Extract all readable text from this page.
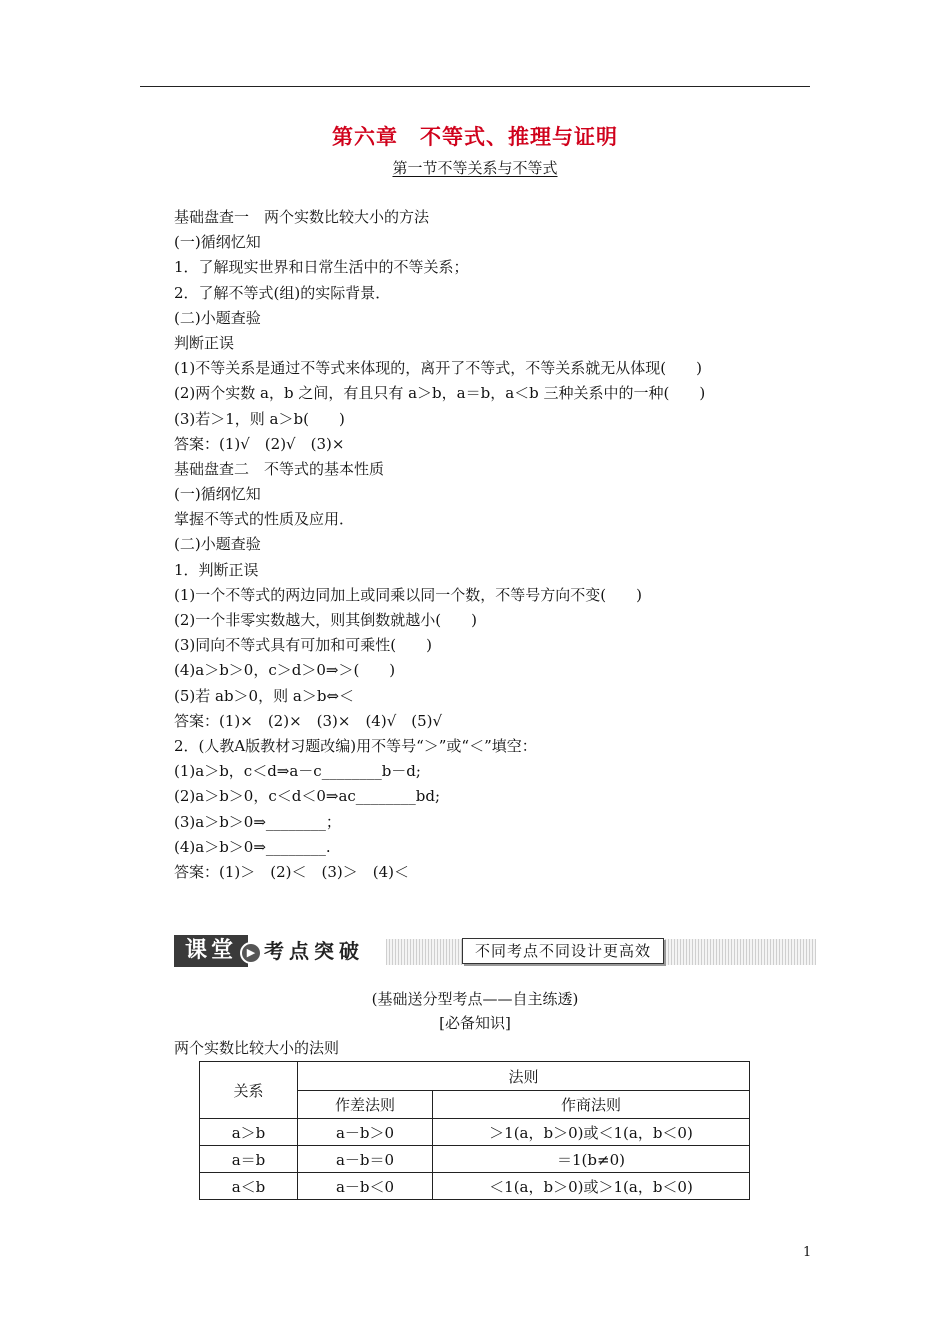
第六章　不等式、推理与证明
第一节不等关系与不等式
基础盘查一　两个实数比较大小的方法
(一)循纲忆知
1．了解现实世界和日常生活中的不等关系；
2．了解不等式(组)的实际背景．
(二)小题查验
判断正误
(1)不等关系是通过不等式来体现的，离开了不等式，不等关系就无从体现(　　)
(2)两个实数 a，b 之间，有且只有 a＞b，a＝b，a＜b 三种关系中的一种(　　)
(3)若＞1，则 a＞b(　　)
答案：(1)√　(2)√　(3)×
基础盘查二　不等式的基本性质
(一)循纲忆知
掌握不等式的性质及应用．
(二)小题查验
1．判断正误
(1)一个不等式的两边同加上或同乘以同一个数，不等号方向不变(　　)
(2)一个非零实数越大，则其倒数就越小(　　)
(3)同向不等式具有可加和可乘性(　　)
(4)a＞b＞0，c＞d＞0⇒＞(　　)
(5)若 ab＞0，则 a＞b⇔＜
答案：(1)×　(2)×　(3)×　(4)√　(5)√
2．(人教A版教材习题改编)用不等号“＞”或“＜”填空：
(1)a＞b，c＜d⇒a－c________b－d;
(2)a＞b＞0，c＜d＜0⇒ac________bd;
(3)a＞b＞0⇒________；
(4)a＞b＞0⇒________.
答案：(1)＞　(2)＜　(3)＞　(4)＜
课堂 ▶ 考点突破	不同考点不同设计更高效
(基础送分型考点——自主练透)
[必备知识]
两个实数比较大小的法则
关系	法则	
	作差法则	作商法则
a＞b	a－b＞0	＞1(a，b＞0)或＜1(a，b＜0)
a＝b	a－b＝0	＝1(b≠0)
a＜b	a－b＜0	＜1(a，b＞0)或＞1(a，b＜0)
1
